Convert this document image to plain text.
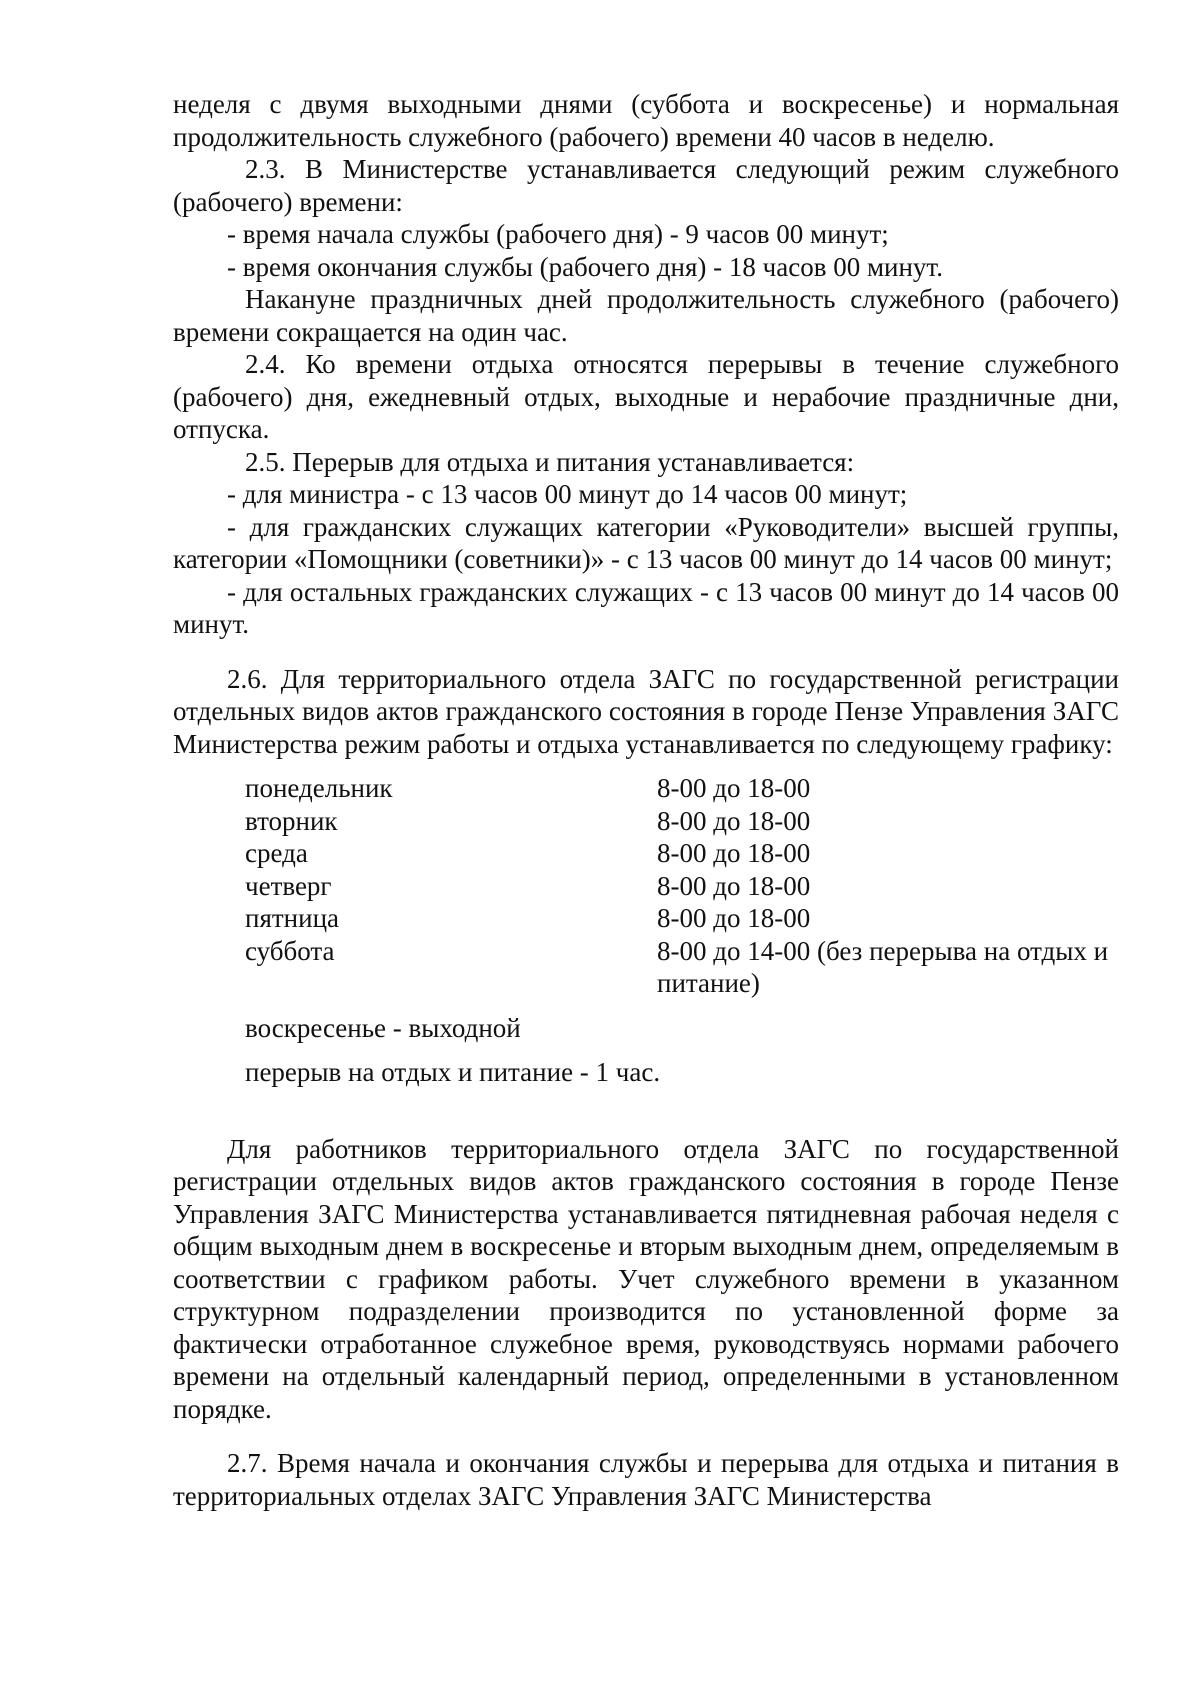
неделя с двумя выходными днями (суббота и воскресенье) и нормальная продолжительность служебного (рабочего) времени 40 часов в неделю.

2.3. В Министерстве устанавливается следующий режим служебного (рабочего) времени:

- время начала службы (рабочего дня) - 9 часов 00 минут;

- время окончания службы (рабочего дня) - 18 часов 00 минут.

Накануне праздничных дней продолжительность служебного (рабочего) времени сокращается на один час.

2.4. Ко времени отдыха относятся перерывы в течение служебного (рабочего) дня, ежедневный отдых, выходные и нерабочие праздничные дни, отпуска.

2.5. Перерыв для отдыха и питания устанавливается:

- для министра - с 13 часов 00 минут до 14 часов 00 минут;

- для гражданских служащих категории «Руководители» высшей группы, категории «Помощники (советники)» - с 13 часов 00 минут до 14 часов 00 минут;

- для остальных гражданских служащих - с 13 часов 00 минут до 14 часов 00 минут.

2.6. Для территориального отдела ЗАГС по государственной регистрации отдельных видов актов гражданского состояния в городе Пензе Управления ЗАГС Министерства режим работы и отдыха устанавливается по следующему графику:

понедельник	8-00 до 18-00
вторник	8-00 до 18-00
среда	8-00 до 18-00
четверг	8-00 до 18-00
пятница	8-00 до 18-00
суббота	8-00 до 14-00 (без перерыва на отдых и питание)

воскресенье - выходной

перерыв на отдых и питание - 1 час.

Для работников территориального отдела ЗАГС по государственной регистрации отдельных видов актов гражданского состояния в городе Пензе Управления ЗАГС Министерства устанавливается пятидневная рабочая неделя с общим выходным днем в воскресенье и вторым выходным днем, определяемым в соответствии с графиком работы. Учет служебного времени в указанном структурном подразделении производится по установленной форме за фактически отработанное служебное время, руководствуясь нормами рабочего времени на отдельный календарный период, определенными в установленном порядке.

2.7. Время начала и окончания службы и перерыва для отдыха и питания в территориальных отделах ЗАГС Управления ЗАГС Министерства
